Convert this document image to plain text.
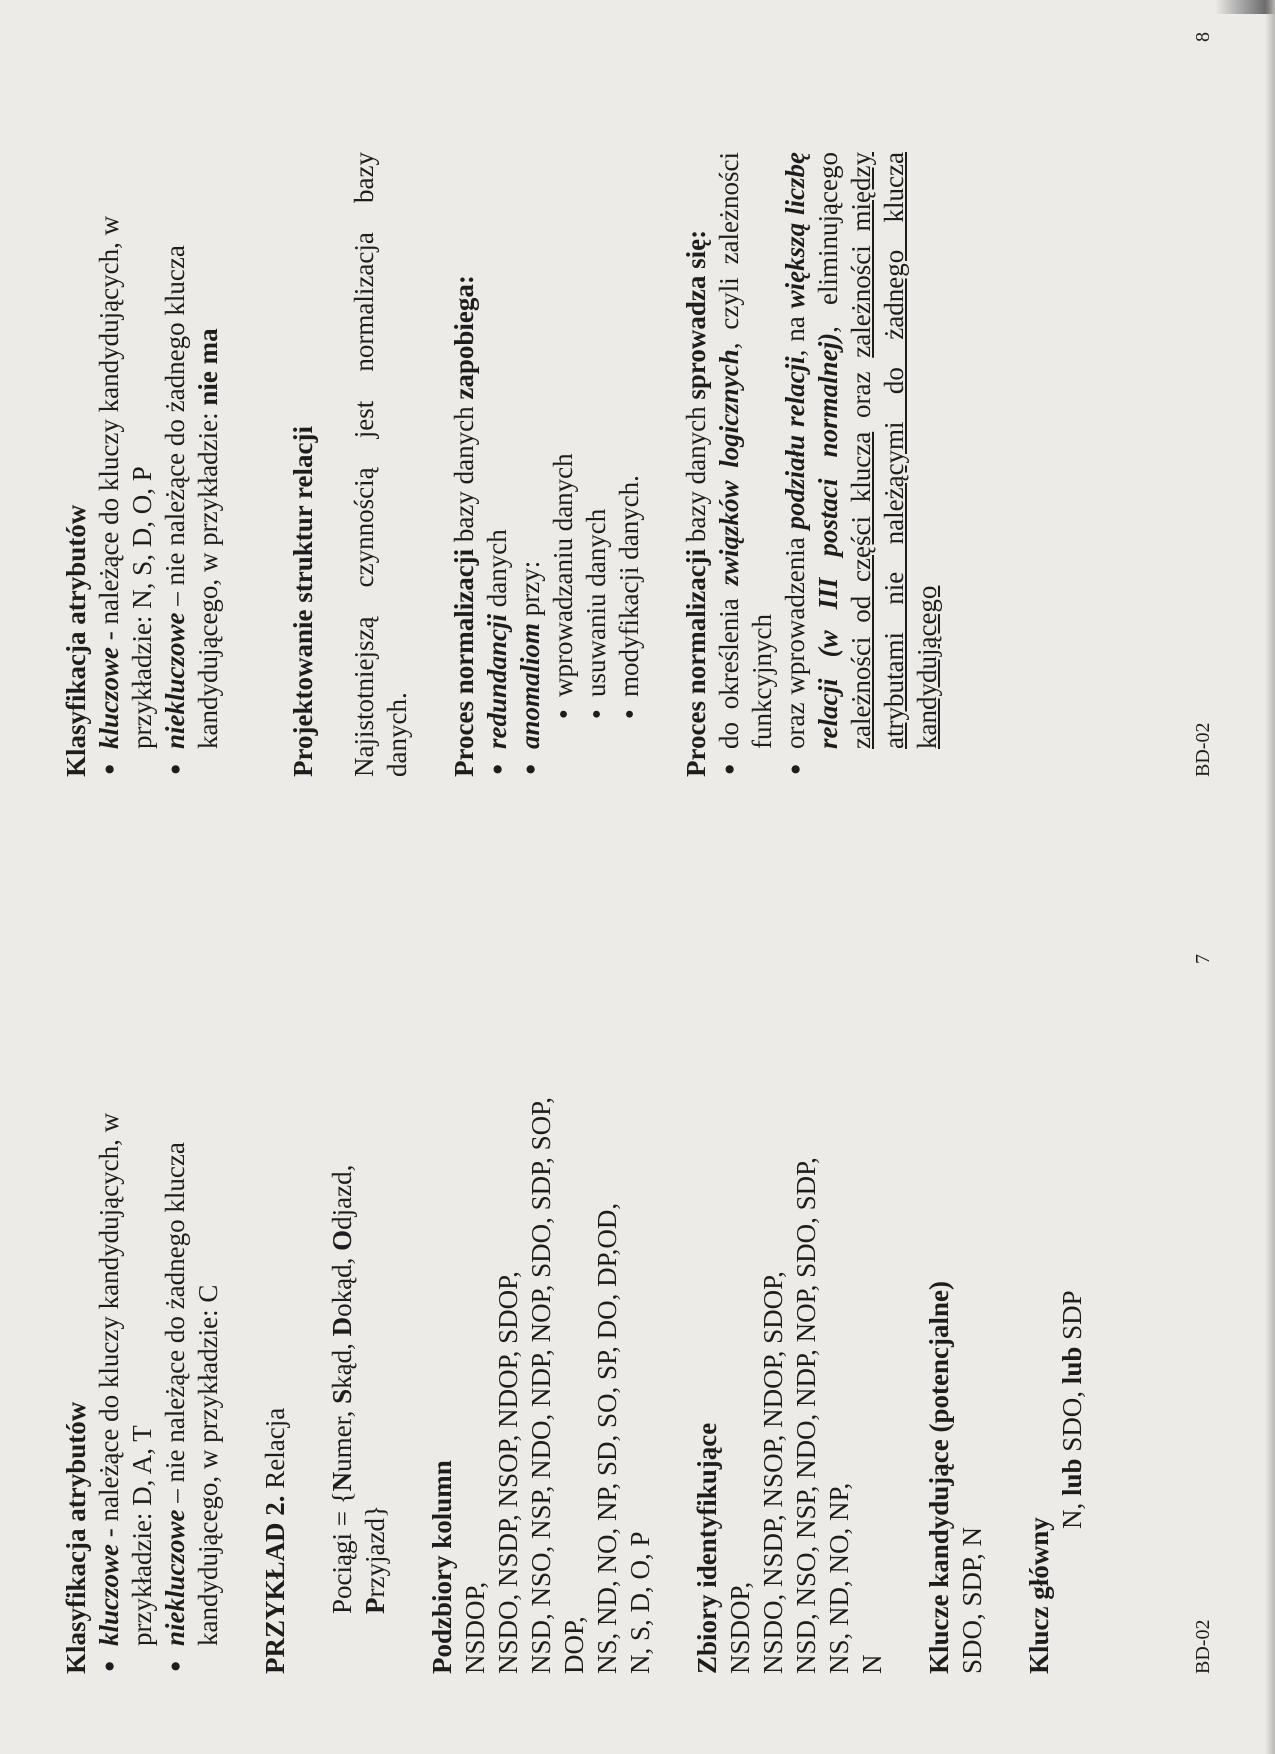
Klasyfikacja atrybutów ● kluczowe - należące do kluczy kandydujących, w przykładzie: D, A, T ● niekluczowe – nie należące do żadnego klucza kandydującego, w przykładzie: C PRZYKŁAD 2. Relacja

Pociągi = {Numer, Skąd, Dokąd, Odjazd, Przyjazd} Podzbiory kolumn NSDOP, NSDO, NSDP, NSOP, NDOP, SDOP, NSD, NSO, NSP, NDO, NDP, NOP, SDO, SDP, SOP, DOP, NS, ND, NO, NP, SD, SO, SP, DO, DP,OD, N, S, D, O, P Zbiory identyfikujące NSDOP, NSDO, NSDP, NSOP, NDOP, SDOP, NSD, NSO, NSP, NDO, NDP, NOP, SDO, SDP, NS, ND, NO, NP, N Klucze kandydujące (potencjalne) SDO, SDP, N Klucz główny

N, lub SDO, lub SDP

BD-02
7

Klasyfikacja atrybutów ● kluczowe - należące do kluczy kandydujących, w przykładzie: N, S, D, O, P ● niekluczowe – nie należące do żadnego klucza kandydującego, w przykładzie: nie ma

Projektowanie struktur relacji Najistotniejszą czynnością jest normalizacja bazy danych. Proces normalizacji bazy danych zapobiega:

● redundancji danych
● anomaliom przy: ● wprowadzaniu danych ● usuwaniu danych ● modyfikacji danych. Proces normalizacji bazy danych sprowadza się:

● do określenia związków logicznych, czyli zależności funkcyjnych ● oraz wprowadzenia podziału relacji, na większą liczbę relacji (w III postaci normalnej), eliminującego zależności od części klucza oraz zależności między atrybutami nie należącymi do żadnego klucza kandydującego
BD-02
8
